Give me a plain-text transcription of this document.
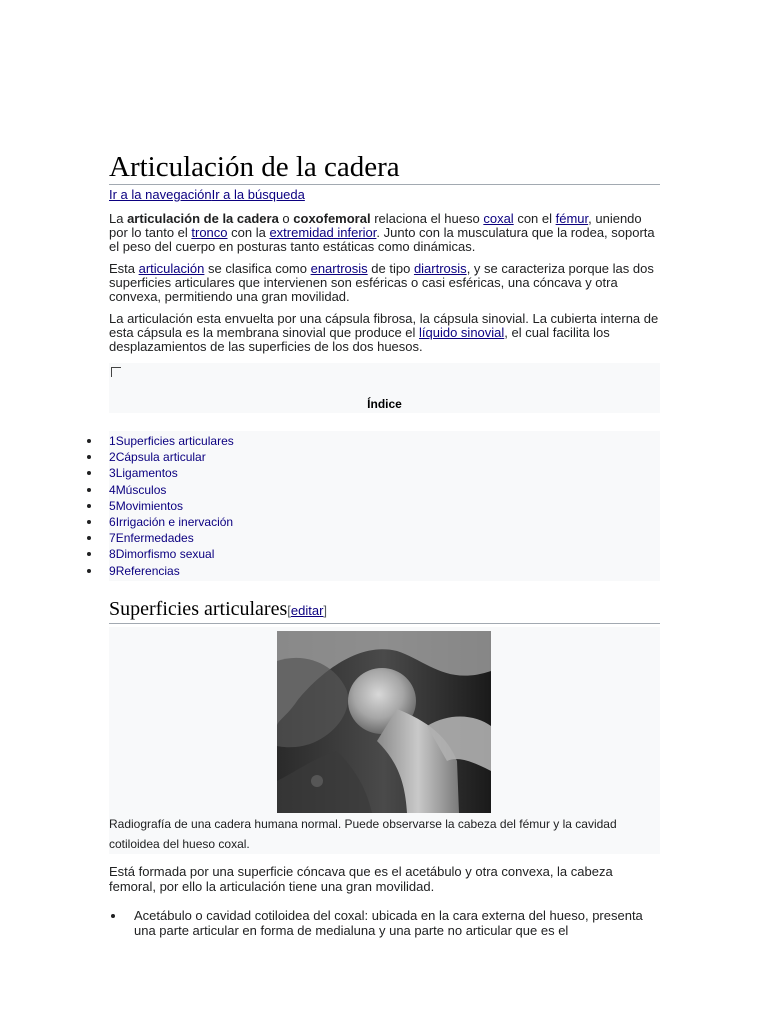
Articulación de la cadera
Ir a la navegaciónIr a la búsqueda

La articulación de la cadera o coxofemoral relaciona el hueso coxal con el fémur, uniendo por lo tanto el tronco con la extremidad inferior. Junto con la musculatura que la rodea, soporta el peso del cuerpo en posturas tanto estáticas como dinámicas.

Esta articulación se clasifica como enartrosis de tipo diartrosis, y se caracteriza porque las dos superficies articulares que intervienen son esféricas o casi esféricas, una cóncava y otra convexa, permitiendo una gran movilidad.

La articulación esta envuelta por una cápsula fibrosa, la cápsula sinovial. La cubierta interna de esta cápsula es la membrana sinovial que produce el líquido sinovial, el cual facilita los desplazamientos de las superficies de los dos huesos.

Índice
1Superficies articulares
2Cápsula articular
3Ligamentos
4Músculos
5Movimientos
6Irrigación e inervación
7Enfermedades
8Dimorfismo sexual
9Referencias
Superficies articulares[editar]
Radiografía de una cadera humana normal. Puede observarse la cabeza del fémur y la cavidad cotiloidea del hueso coxal.

Está formada por una superficie cóncava que es el acetábulo y otra convexa, la cabeza femoral, por ello la articulación tiene una gran movilidad.

Acetábulo o cavidad cotiloidea del coxal: ubicada en la cara externa del hueso, presenta una parte articular en forma de medialuna y una parte no articular que es el
